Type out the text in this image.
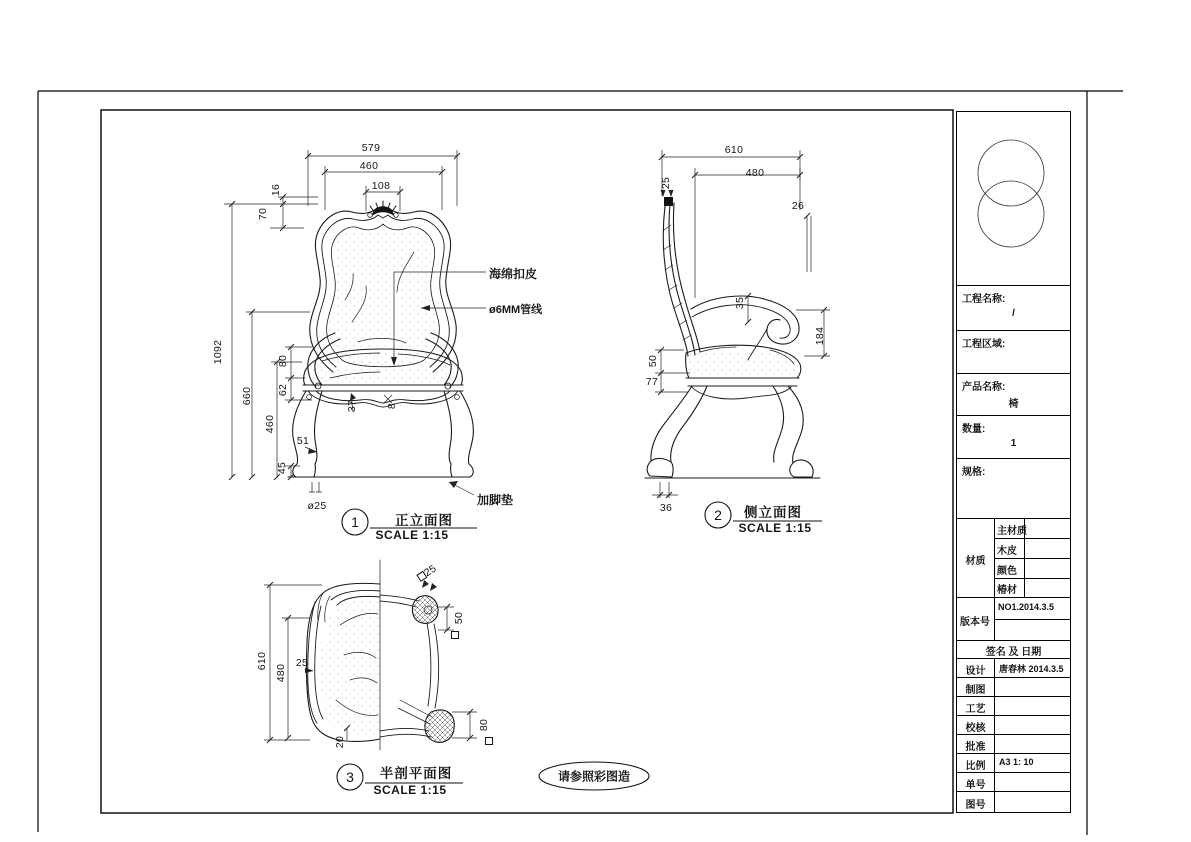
579
460
108
16
70
1092
660
460
80
62
37	8
51
45
ø25
海绵扣皮
ø6MM管线
加脚垫
610
480
25
26
35
184
50
77
36
610
480
25
20
25
50
80
1	正立面图
SCALE 1:15
2 侧立面图
SCALE 1:15
3 半剖平面图
SCALE 1:15
请参照彩图造
工程名称:
/
工程区域:
产品名称:
椅
数量:
1
规格:
材质
主材质
木皮
颜色
椿材
版本号
NO1.2014.3.5
签名 及 日期
设计	唐春林 2014.3.5
制图
工艺
校核
批准
比例	A3 1: 10
单号
图号
